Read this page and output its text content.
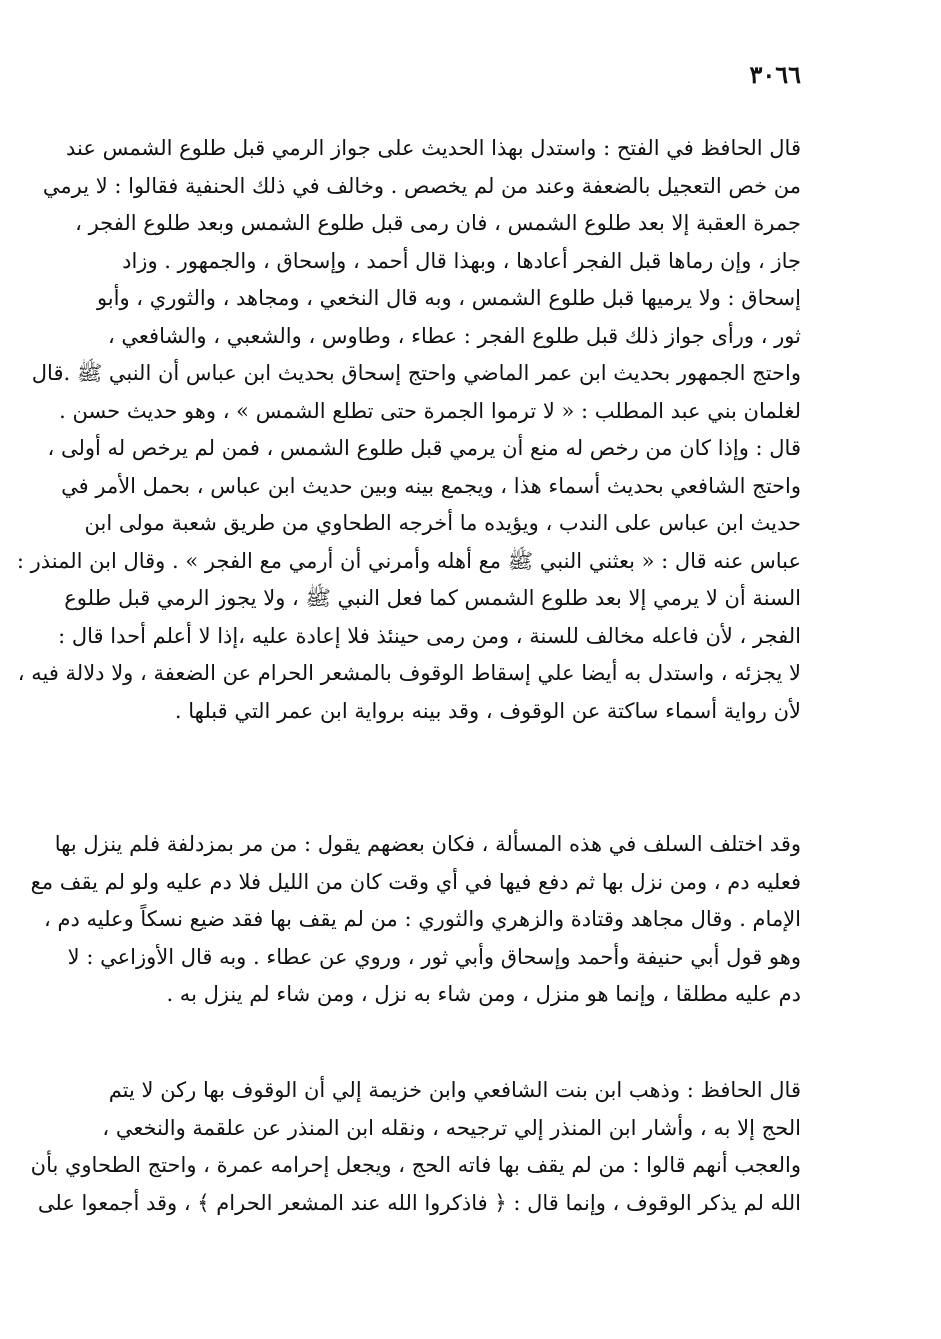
٣٠٦٦
قال الحافظ في الفتح : واستدل بهذا الحديث على جواز الرمي قبل طلوع الشمس عند
من خص التعجيل بالضعفة وعند من لم يخصص . وخالف في ذلك الحنفية فقالوا : لا يرمي
جمرة العقبة إلا بعد طلوع الشمس ، فان رمى قبل طلوع الشمس وبعد طلوع الفجر ،
جاز ، وإن رماها قبل الفجر أعادها ، وبهذا قال أحمد ، وإسحاق ، والجمهور . وزاد
إسحاق : ولا يرميها قبل طلوع الشمس ، وبه قال النخعي ، ومجاهد ، والثوري ، وأبو
ثور ، ورأى جواز ذلك قبل طلوع الفجر : عطاء ، وطاوس ، والشعبي ، والشافعي ،
واحتج الجمهور بحديث ابن عمر الماضي واحتج إسحاق بحديث ابن عباس أن النبي ﷺ .قال
لغلمان بني عبد المطلب : « لا ترموا الجمرة حتى تطلع الشمس » ، وهو حديث حسن .
قال : وإذا كان من رخص له منع أن يرمي قبل طلوع الشمس ، فمن لم يرخص له أولى ،
واحتج الشافعي بحديث أسماء هذا ، ويجمع بينه وبين حديث ابن عباس ، بحمل الأمر في
حديث ابن عباس على الندب ، ويؤيده ما أخرجه الطحاوي من طريق شعبة مولى ابن
عباس عنه قال : « بعثني النبي ﷺ مع أهله وأمرني أن أرمي مع الفجر » . وقال ابن المنذر :
السنة أن لا يرمي إلا بعد طلوع الشمس كما فعل النبي ﷺ ، ولا يجوز الرمي قبل طلوع
الفجر ، لأن فاعله مخالف للسنة ، ومن رمى حينئذ فلا إعادة عليه ،إذا لا أعلم أحدا قال :
لا يجزئه ، واستدل به أيضا علي إسقاط الوقوف بالمشعر الحرام عن الضعفة ، ولا دلالة فيه ،
لأن رواية أسماء ساكتة عن الوقوف ، وقد بينه برواية ابن عمر التي قبلها .
وقد اختلف السلف في هذه المسألة ، فكان بعضهم يقول : من مر بمزدلفة فلم ينزل بها
فعليه دم ، ومن نزل بها ثم دفع فيها في أي وقت كان من الليل فلا دم عليه ولو لم يقف مع
الإمام . وقال مجاهد وقتادة والزهري والثوري : من لم يقف بها فقد ضيع نسكاً وعليه دم ،
وهو قول أبي حنيفة وأحمد وإسحاق وأبي ثور ، وروي عن عطاء . وبه قال الأوزاعي : لا
دم عليه مطلقا ، وإنما هو منزل ، ومن شاء به نزل ، ومن شاء لم ينزل به .
قال الحافظ : وذهب ابن بنت الشافعي وابن خزيمة إلي أن الوقوف بها ركن لا يتم
الحج إلا به ، وأشار ابن المنذر إلي ترجيحه ، ونقله ابن المنذر عن علقمة والنخعي ،
والعجب أنهم قالوا : من لم يقف بها فاته الحج ، ويجعل إحرامه عمرة ، واحتج الطحاوي بأن
الله لم يذكر الوقوف ، وإنما قال : ﴿ فاذكروا الله عند المشعر الحرام ﴾ ، وقد أجمعوا على
